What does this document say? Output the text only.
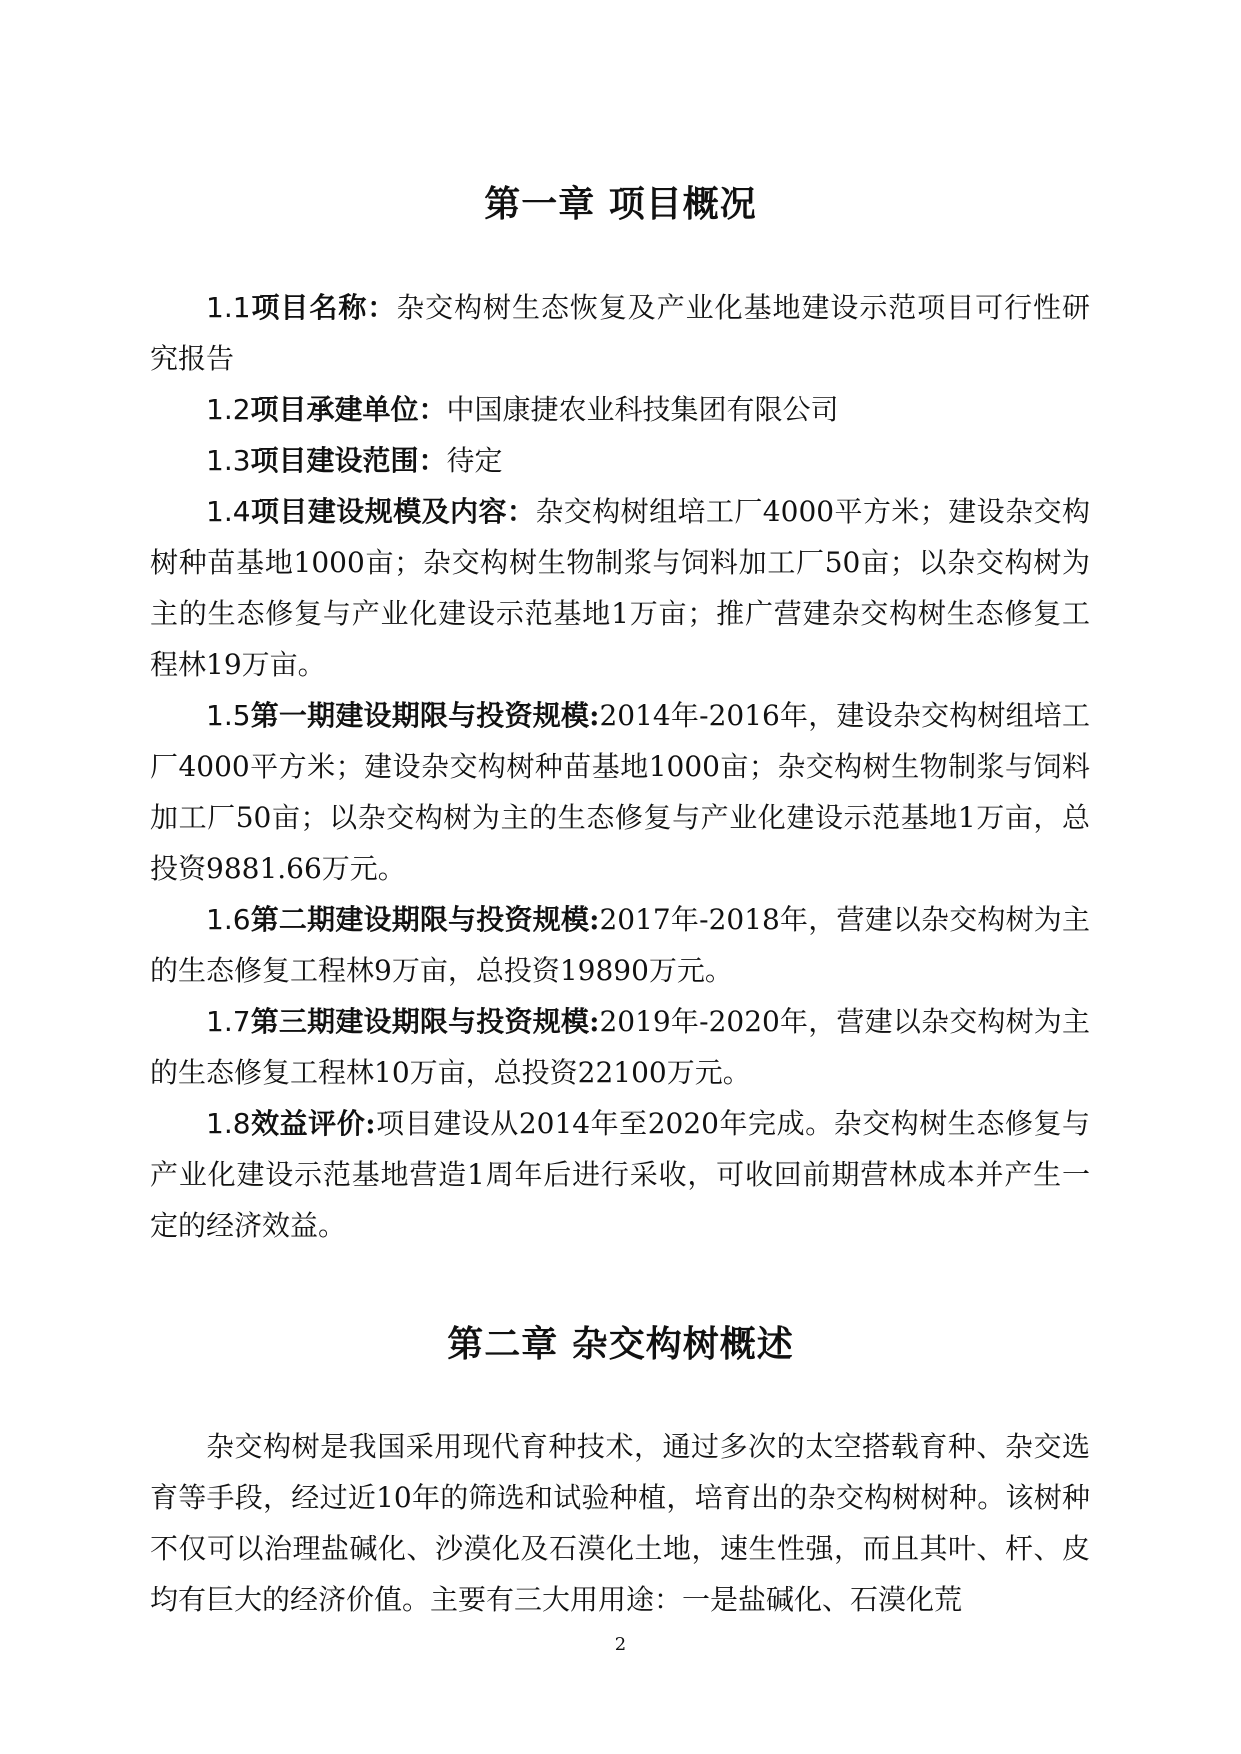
第一章 项目概况

1.1项目名称：杂交构树生态恢复及产业化基地建设示范项目可行性研究报告

1.2项目承建单位：中国康捷农业科技集团有限公司

1.3项目建设范围：待定

1.4项目建设规模及内容：杂交构树组培工厂4000平方米；建设杂交构树种苗基地1000亩；杂交构树生物制浆与饲料加工厂50亩；以杂交构树为主的生态修复与产业化建设示范基地1万亩；推广营建杂交构树生态修复工程林19万亩。

1.5第一期建设期限与投资规模:2014年-2016年，建设杂交构树组培工厂4000平方米；建设杂交构树种苗基地1000亩；杂交构树生物制浆与饲料加工厂50亩；以杂交构树为主的生态修复与产业化建设示范基地1万亩，总投资9881.66万元。

1.6第二期建设期限与投资规模:2017年-2018年，营建以杂交构树为主的生态修复工程林9万亩，总投资19890万元。

1.7第三期建设期限与投资规模:2019年-2020年，营建以杂交构树为主的生态修复工程林10万亩，总投资22100万元。

1.8效益评价:项目建设从2014年至2020年完成。杂交构树生态修复与产业化建设示范基地营造1周年后进行采收，可收回前期营林成本并产生一定的经济效益。

第二章 杂交构树概述

杂交构树是我国采用现代育种技术，通过多次的太空搭载育种、杂交选育等手段，经过近10年的筛选和试验种植，培育出的杂交构树树种。该树种不仅可以治理盐碱化、沙漠化及石漠化土地，速生性强，而且其叶、杆、皮均有巨大的经济价值。主要有三大用用途：一是盐碱化、石漠化荒

2
